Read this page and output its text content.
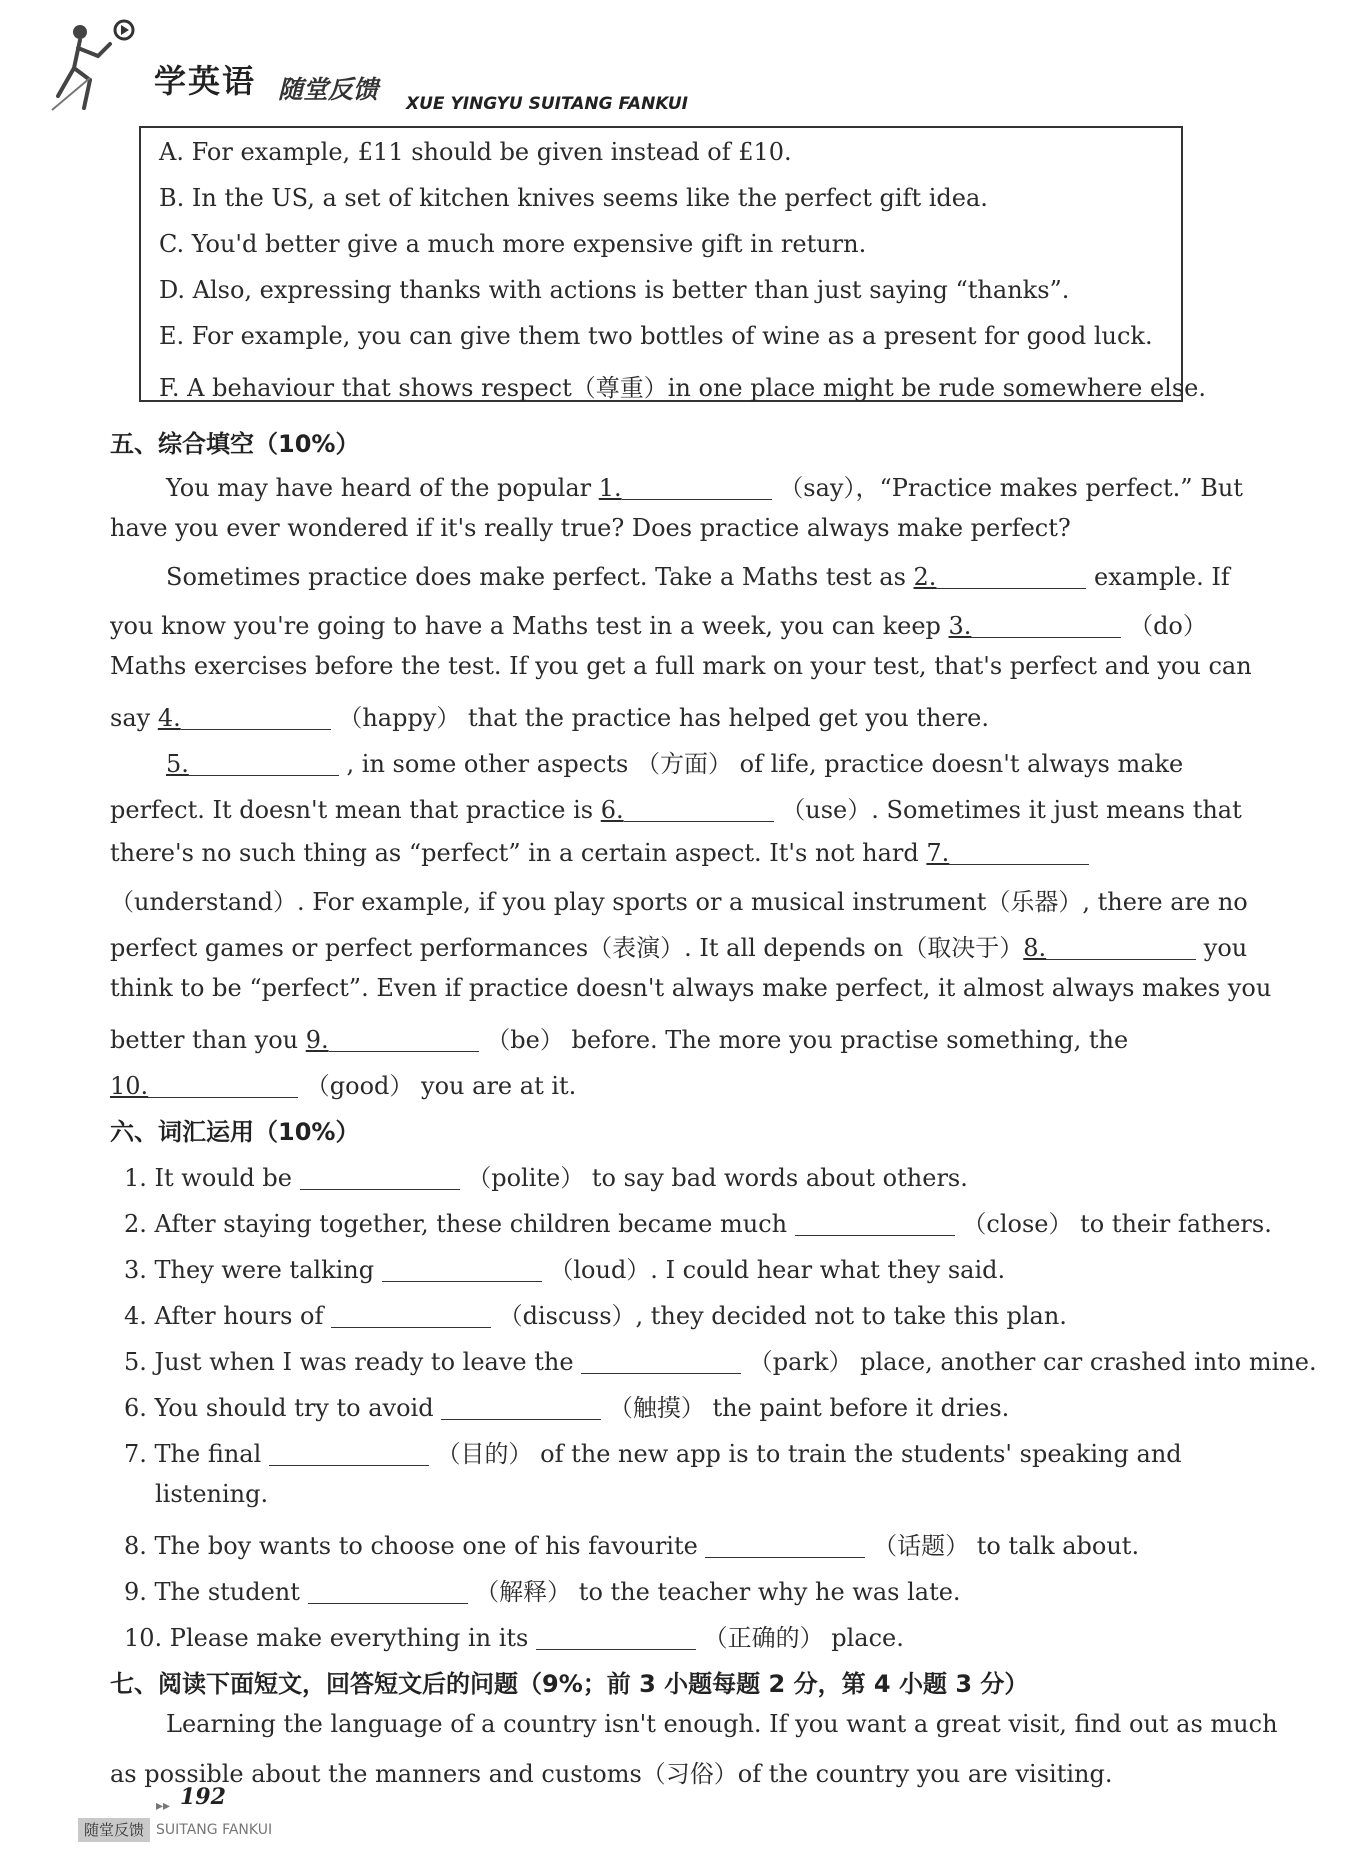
学英语 随堂反馈 XUE YINGYU SUITANG FANKUI
A. For example, £11 should be given instead of £10.
B. In the US, a set of kitchen knives seems like the perfect gift idea.
C. You'd better give a much more expensive gift in return.
D. Also, expressing thanks with actions is better than just saying “thanks”.
E. For example, you can give them two bottles of wine as a present for good luck.
F. A behaviour that shows respect（尊重）in one place might be rude somewhere else.
五、综合填空（10%）
You may have heard of the popular 1.	（say），“Practice makes perfect.” But
have you ever wondered if it's really true? Does practice always make perfect?
Sometimes practice does make perfect. Take a Maths test as 2.	example. If
you know you're going to have a Maths test in a week, you can keep 3.	（do）
Maths exercises before the test. If you get a full mark on your test, that's perfect and you can
say 4.	（happy） that the practice has helped get you there.
5.	, in some other aspects （方面） of life, practice doesn't always make
perfect. It doesn't mean that practice is 6.	（use）. Sometimes it just means that
there's no such thing as “perfect” in a certain aspect. It's not hard 7.
（understand）. For example, if you play sports or a musical instrument（乐器）, there are no
perfect games or perfect performances（表演）. It all depends on（取决于）8.	you
think to be “perfect”. Even if practice doesn't always make perfect, it almost always makes you
better than you 9.	（be） before. The more you practise something, the
10.	（good） you are at it.
六、词汇运用（10%）
1. It would be	（polite） to say bad words about others.
2. After staying together, these children became much	（close） to their fathers.
3. They were talking	（loud）. I could hear what they said.
4. After hours of	（discuss）, they decided not to take this plan.
5. Just when I was ready to leave the	（park） place, another car crashed into mine.
6. You should try to avoid	（触摸） the paint before it dries.
7. The final	（目的） of the new app is to train the students' speaking and
listening.
8. The boy wants to choose one of his favourite	（话题） to talk about.
9. The student	（解释） to the teacher why he was late.
10. Please make everything in its	（正确的） place.
七、阅读下面短文，回答短文后的问题（9%；前 3 小题每题 2 分，第 4 小题 3 分）
Learning the language of a country isn't enough. If you want a great visit, find out as much
as possible about the manners and customs（习俗）of the country you are visiting.
▸▸ 192
随堂反馈 SUITANG FANKUI
